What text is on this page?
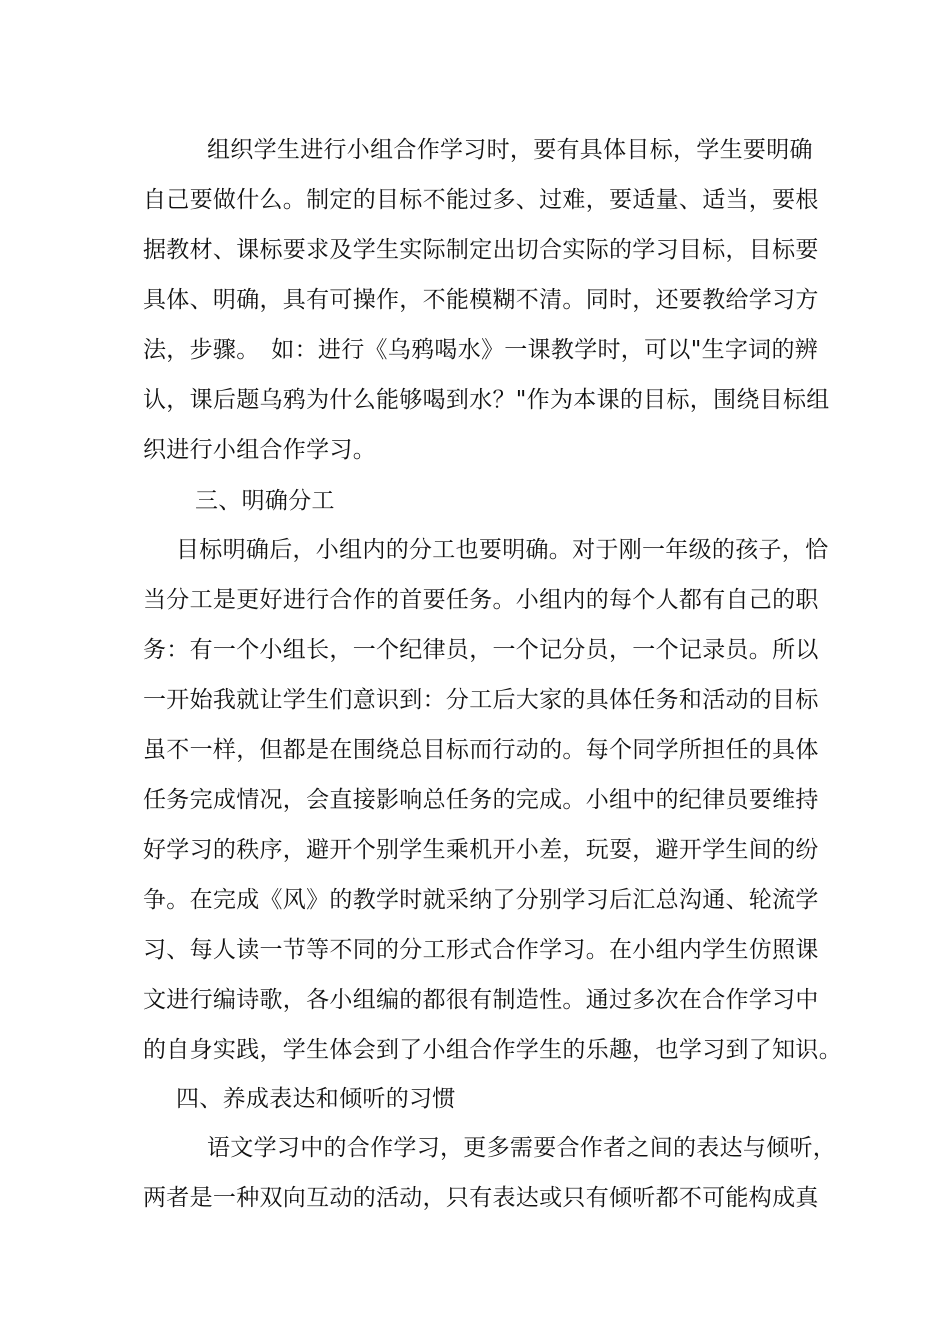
组织学生进行小组合作学习时，要有具体目标，学生要明确
自己要做什么。制定的目标不能过多、过难，要适量、适当，要根
据教材、课标要求及学生实际制定出切合实际的学习目标，目标要
具体、明确，具有可操作，不能模糊不清。同时，还要教给学习方
法，步骤。　如：进行《乌鸦喝水》一课教学时，可以"生字词的辨
认，课后题乌鸦为什么能够喝到水？"作为本课的目标，围绕目标组
织进行小组合作学习。
三、明确分工
目标明确后，小组内的分工也要明确。对于刚一年级的孩子，恰
当分工是更好进行合作的首要任务。小组内的每个人都有自己的职
务：有一个小组长，一个纪律员，一个记分员，一个记录员。所以
一开始我就让学生们意识到：分工后大家的具体任务和活动的目标
虽不一样，但都是在围绕总目标而行动的。每个同学所担任的具体
任务完成情况，会直接影响总任务的完成。小组中的纪律员要维持
好学习的秩序，避开个别学生乘机开小差，玩耍，避开学生间的纷
争。在完成《风》的教学时就采纳了分别学习后汇总沟通、轮流学
习、每人读一节等不同的分工形式合作学习。在小组内学生仿照课
文进行编诗歌，各小组编的都很有制造性。通过多次在合作学习中
的自身实践，学生体会到了小组合作学生的乐趣，也学习到了知识。
四、养成表达和倾听的习惯
语文学习中的合作学习，更多需要合作者之间的表达与倾听，
两者是一种双向互动的活动，只有表达或只有倾听都不可能构成真
